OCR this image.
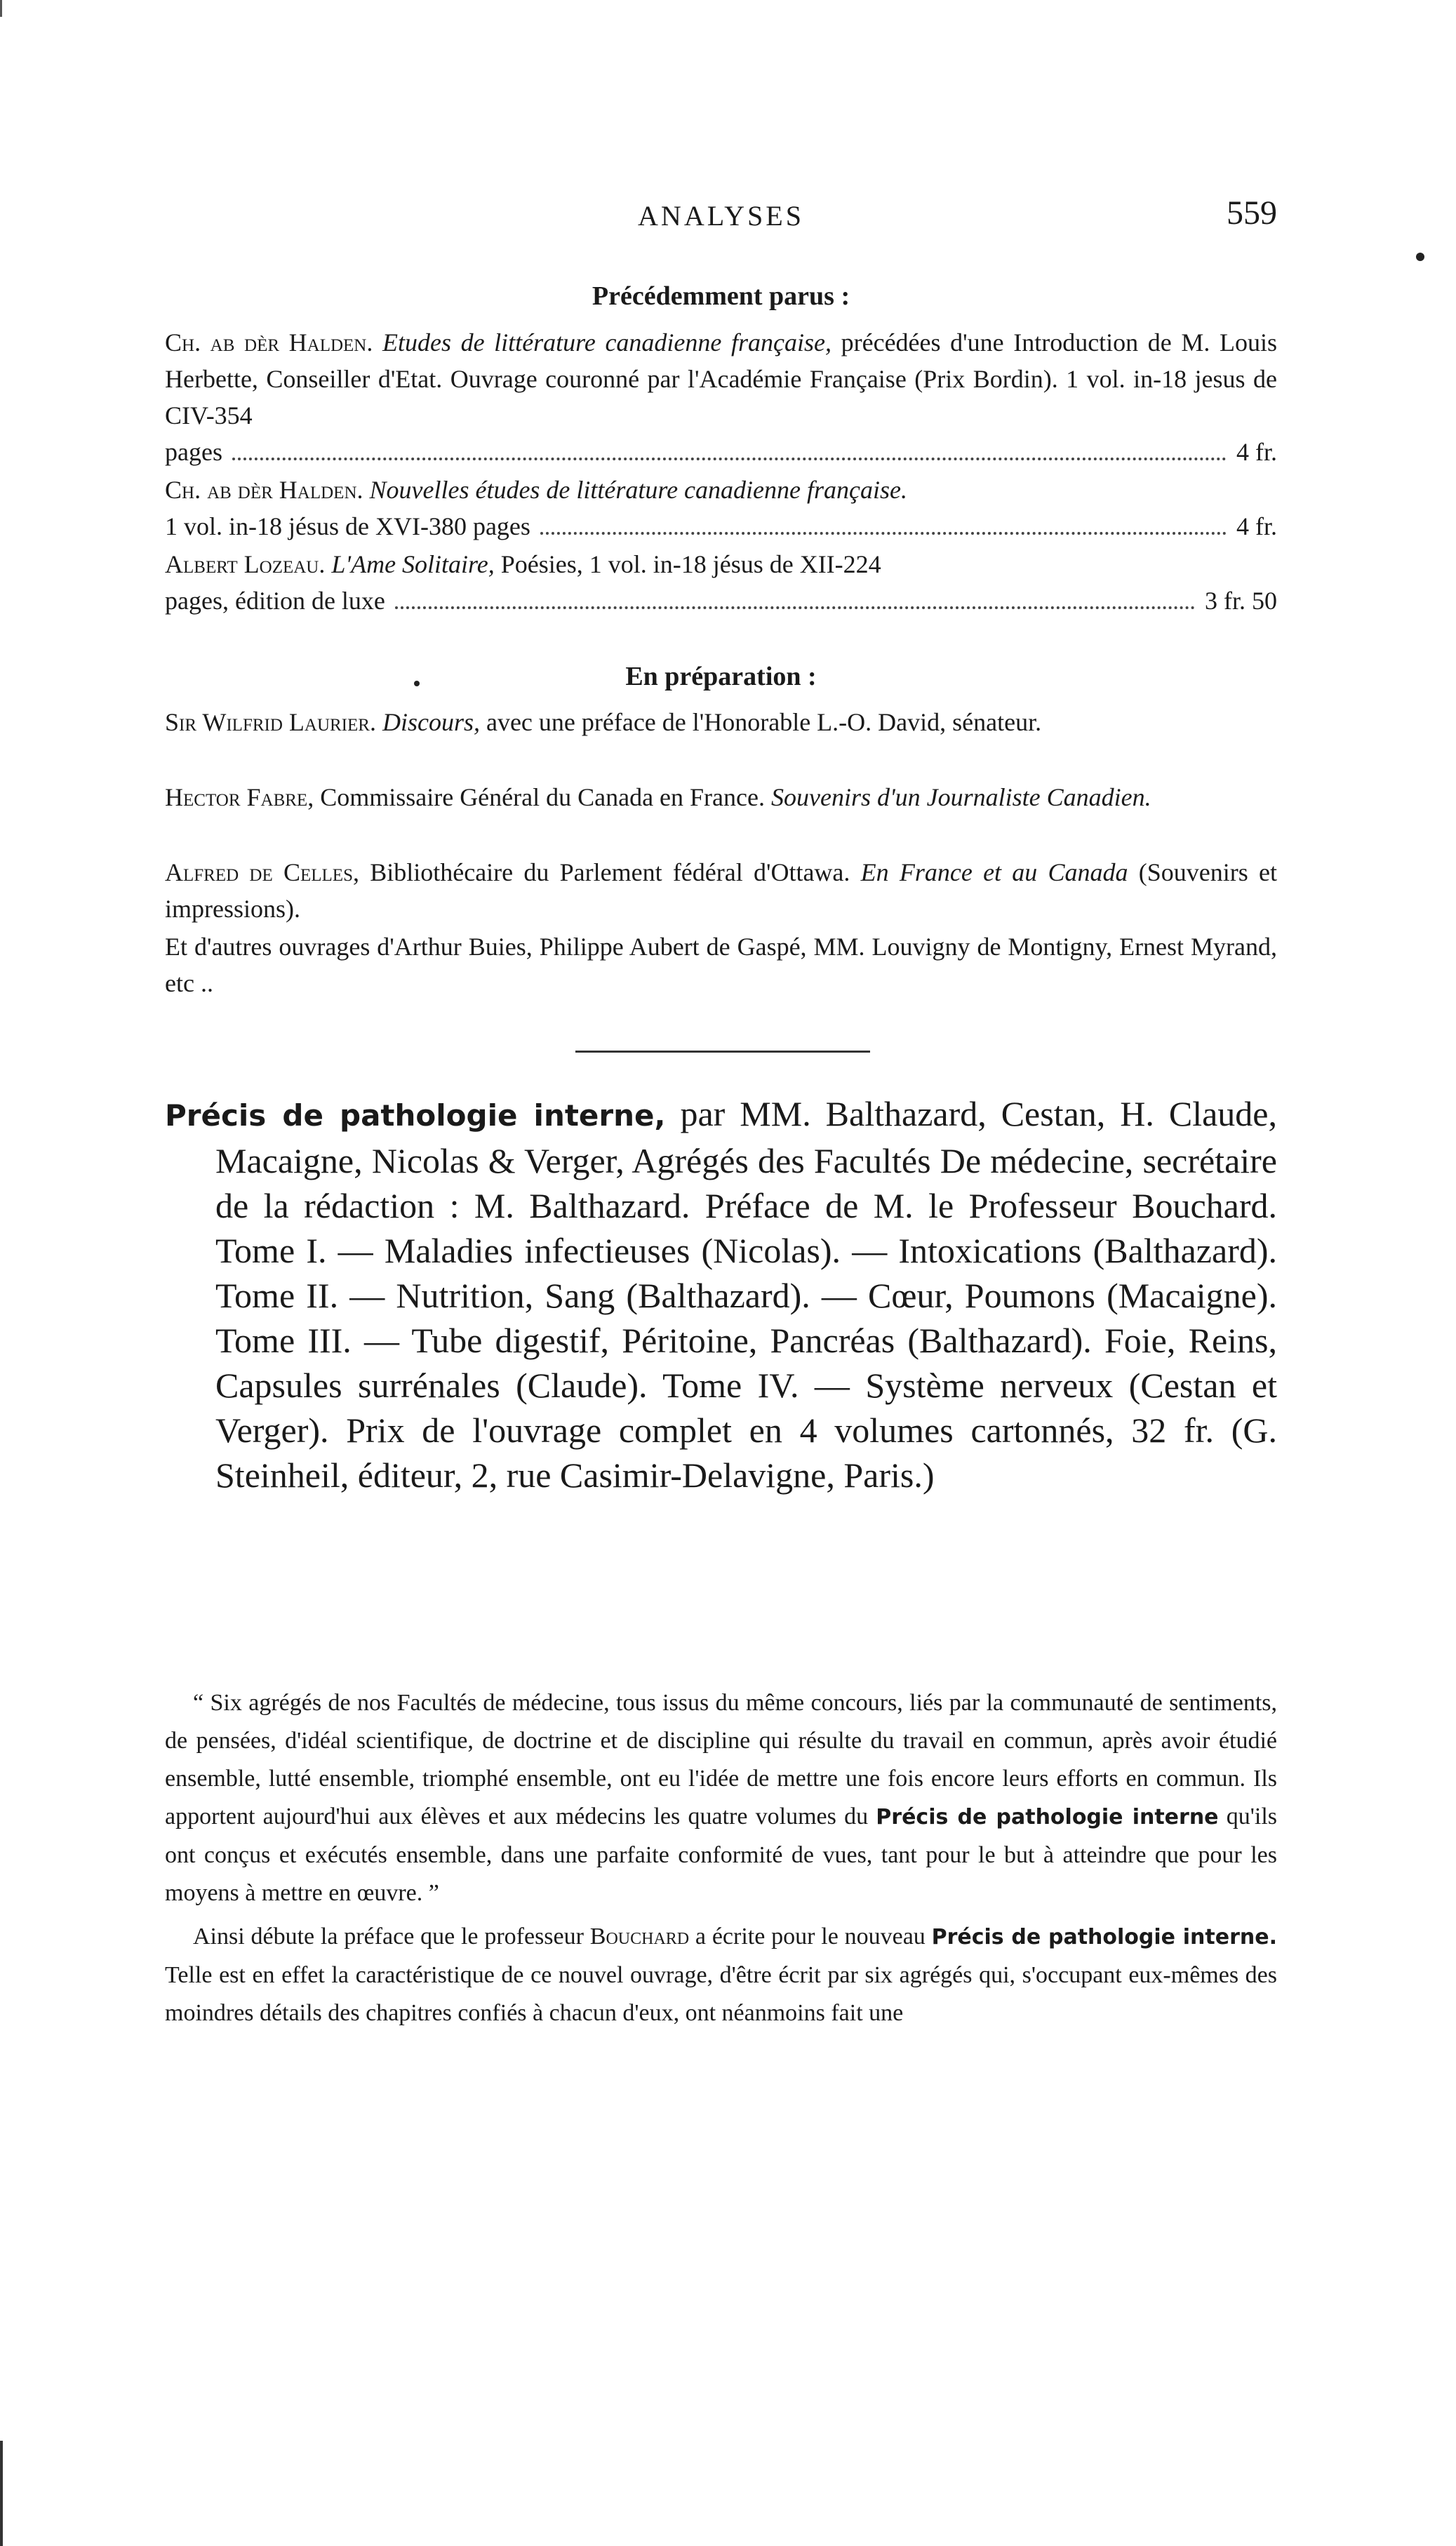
ANALYSES	559
Précédemment parus :

Ch. ab dèr Halden. Etudes de littérature canadienne française, précédées d'une Introduction de M. Louis Herbette, Conseiller d'Etat. Ouvrage couronné par l'Académie Française (Prix Bordin). 1 vol. in-18 jesus de CIV-354

pages	4 fr.

Ch. ab dèr Halden. Nouvelles études de littérature canadienne française.

1 vol. in-18 jésus de XVI-380 pages	4 fr.

Albert Lozeau. L'Ame Solitaire, Poésies, 1 vol. in-18 jésus de XII-224

pages, édition de luxe	3 fr. 50
En préparation :

Sir Wilfrid Laurier. Discours, avec une préface de l'Honorable L.-O. David, sénateur.

Hector Fabre, Commissaire Général du Canada en France. Souvenirs d'un Journaliste Canadien.

Alfred de Celles, Bibliothécaire du Parlement fédéral d'Ottawa. En France et au Canada (Souvenirs et impressions).

Et d'autres ouvrages d'Arthur Buies, Philippe Aubert de Gaspé, MM. Louvigny de Montigny, Ernest Myrand, etc ..

Précis de pathologie interne, par MM. Balthazard, Cestan, H. Claude, Macaigne, Nicolas & Verger, Agrégés des Facultés De médecine, secrétaire de la rédaction : M. Balthazard. Préface de M. le Professeur Bouchard. Tome I. — Maladies infectieuses (Nicolas). — Intoxications (Balthazard). Tome II. — Nutrition, Sang (Balthazard). — Cœur, Poumons (Macaigne). Tome III. — Tube digestif, Péritoine, Pancréas (Balthazard). Foie, Reins, Capsules surrénales (Claude). Tome IV. — Système nerveux (Cestan et Verger). Prix de l'ouvrage complet en 4 volumes cartonnés, 32 fr. (G. Steinheil, éditeur, 2, rue Casimir-Delavigne, Paris.)

“ Six agrégés de nos Facultés de médecine, tous issus du même concours, liés par la communauté de sentiments, de pensées, d'idéal scientifique, de doctrine et de discipline qui résulte du travail en commun, après avoir étudié ensemble, lutté ensemble, triomphé ensemble, ont eu l'idée de mettre une fois encore leurs efforts en commun. Ils apportent aujourd'hui aux élèves et aux médecins les quatre volumes du Précis de pathologie interne qu'ils ont conçus et exécutés ensemble, dans une parfaite conformité de vues, tant pour le but à atteindre que pour les moyens à mettre en œuvre. ”

Ainsi débute la préface que le professeur Bouchard a écrite pour le nouveau Précis de pathologie interne. Telle est en effet la caractéristique de ce nouvel ouvrage, d'être écrit par six agrégés qui, s'occupant eux-mêmes des moindres détails des chapitres confiés à chacun d'eux, ont néanmoins fait une
